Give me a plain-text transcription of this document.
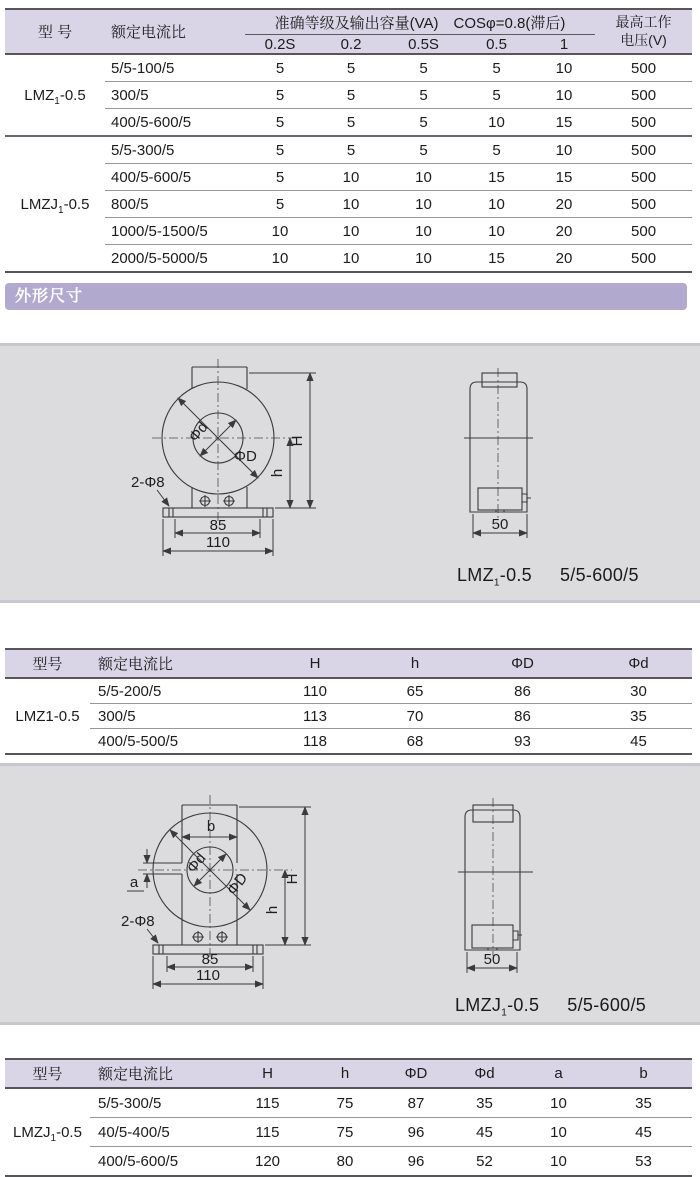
型 号	额定电流比	准确等级及输出容量(VA)　COSφ=0.8(滞后)					最高工作
电压(V)
		0.2S	0.2	0.5S	0.5	1	
$LMZ_1-0.5$	5/5-100/5	5	5	5	5	10	500
	300/5	5	5	5	5	10	500
	400/5-600/5	5	5	5	10	15	500
$LMZJ_1-0.5$	5/5-300/5	5	5	5	5	10	500
	400/5-600/5	5	10	10	15	15	500
	800/5	5	10	10	10	20	500
	1000/5-1500/5	10	10	10	10	20	500
	2000/5-5000/5	10	10	10	15	20	500
外形尺寸
ΦD
Φd	H
h
85
110
2-Φ8
50
$LMZ_1-0.5$ 5/5-600/5
型号	额定电流比	H	h	ΦD	Φd
LMZ1-0.5	5/5-200/5	110	65	86	30
	300/5	113	70	86	35
	400/5-500/5	118	68	93	45
b
a
Φd
ΦD
h
H
85
110
2-Φ8
50
$LMZJ_1-0.5$ 5/5-600/5
型号	额定电流比	H	h	ΦD	Φd	a	b
$LMZJ_1-0.5$	5/5-300/5	115	75	87	35	10	35
	40/5-400/5	115	75	96	45	10	45
	400/5-600/5	120	80	96	52	10	53
